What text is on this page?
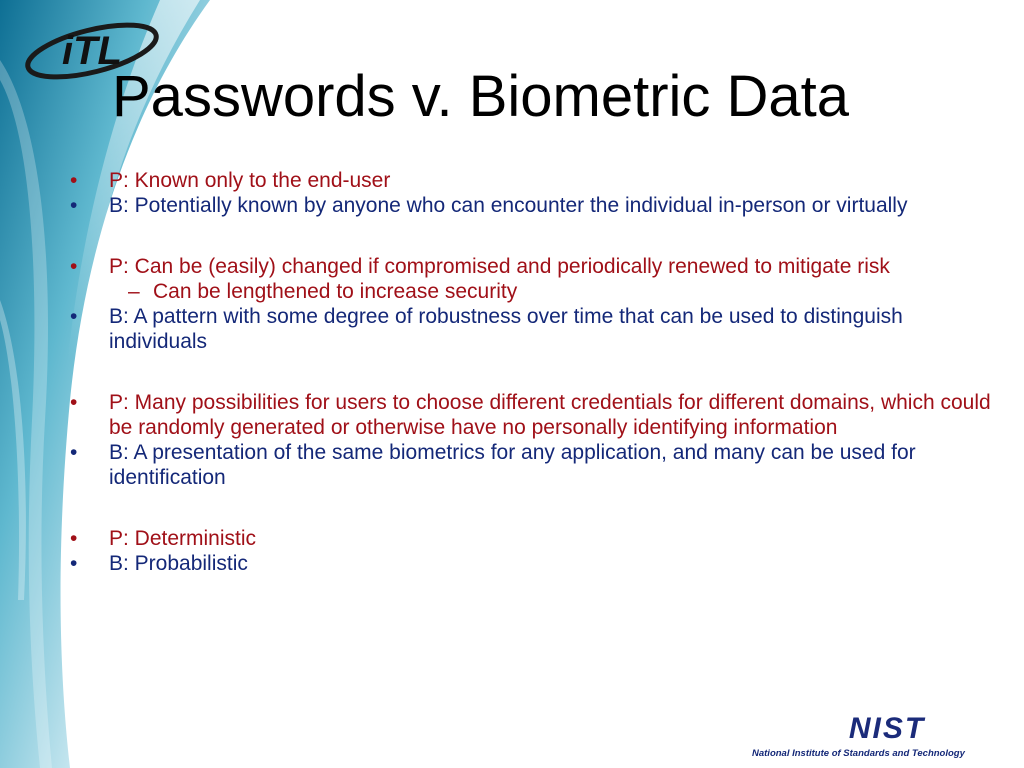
iTL
Passwords v. Biometric Data
•	P: Known only to the end-user
•	B: Potentially known by anyone who can encounter the individual in-person or virtually
•	P: Can be (easily) changed if compromised and periodically renewed to mitigate risk
– Can be lengthened to increase security
•	B: A pattern with some degree of robustness over time that can be used to distinguish individuals
•	P: Many possibilities for users to choose different credentials for different domains, which could be randomly generated or otherwise have no personally identifying information
•	B: A presentation of the same biometrics for any application, and many can be used for identification
•	P: Deterministic
•	B: Probabilistic
NIST
National Institute of Standards and Technology
